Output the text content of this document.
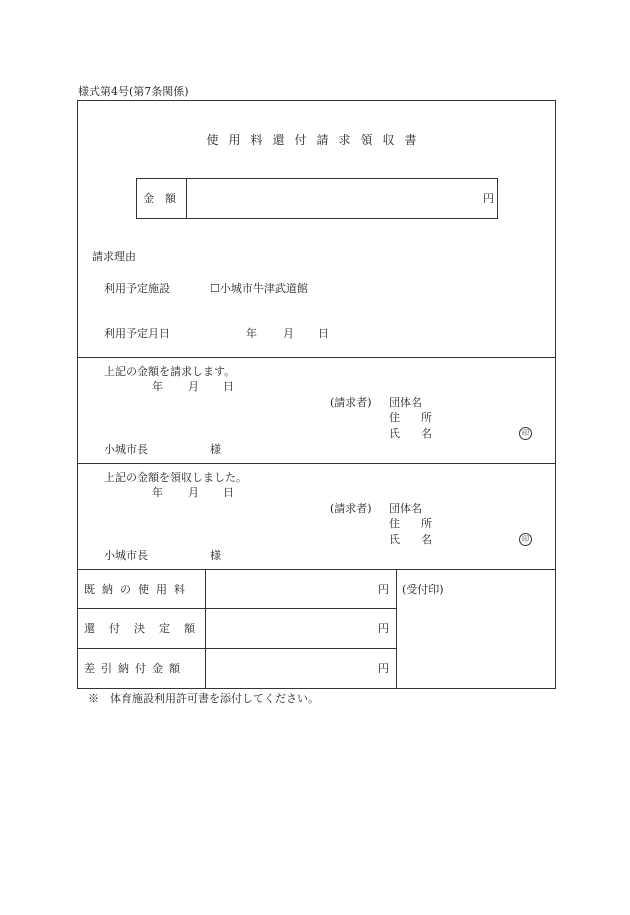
様式第4号(第7条関係)
使用料還付請求領収書
金　額	円
請求理由
利用予定施設	☐小城市牛津武道館
利用予定月日	年 月 日
上記の金額を請求します。
年 月 日
(請求者) 団体名
住　所
氏　名	印
小城市長	様
上記の金額を領収しました。
年 月 日
(請求者) 団体名
住　所
氏　名	印
小城市長	様
既納の使用料	円
還付決定額	円
差引納付金額	円
(受付印)
※　体育施設利用許可書を添付してください。
